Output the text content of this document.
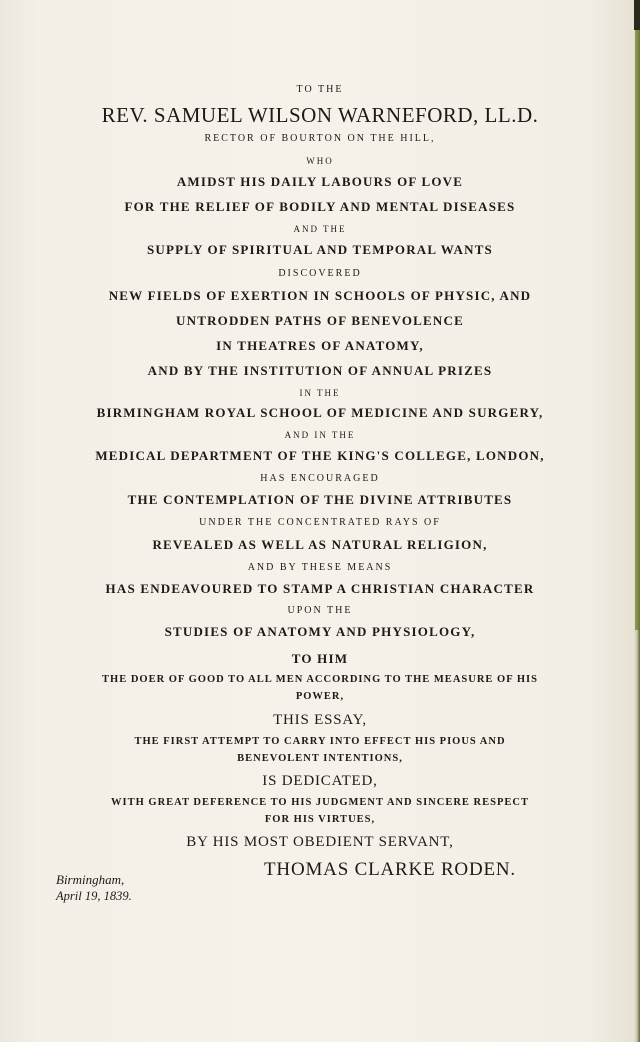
TO THE
REV. SAMUEL WILSON WARNEFORD, LL.D.
RECTOR OF BOURTON ON THE HILL,
WHO
AMIDST HIS DAILY LABOURS OF LOVE
FOR THE RELIEF OF BODILY AND MENTAL DISEASES
AND THE
SUPPLY OF SPIRITUAL AND TEMPORAL WANTS
DISCOVERED
NEW FIELDS OF EXERTION IN SCHOOLS OF PHYSIC, AND
UNTRODDEN PATHS OF BENEVOLENCE
IN THEATRES OF ANATOMY,
AND BY THE INSTITUTION OF ANNUAL PRIZES
IN THE
BIRMINGHAM ROYAL SCHOOL OF MEDICINE AND SURGERY,
AND IN THE
MEDICAL DEPARTMENT OF THE KING'S COLLEGE, LONDON,
HAS ENCOURAGED
THE CONTEMPLATION OF THE DIVINE ATTRIBUTES
UNDER THE CONCENTRATED RAYS OF
REVEALED AS WELL AS NATURAL RELIGION,
AND BY THESE MEANS
HAS ENDEAVOURED TO STAMP A CHRISTIAN CHARACTER
UPON THE
STUDIES OF ANATOMY AND PHYSIOLOGY,
TO HIM
THE DOER OF GOOD TO ALL MEN ACCORDING TO THE MEASURE OF HIS
POWER,
THIS ESSAY,
THE FIRST ATTEMPT TO CARRY INTO EFFECT HIS PIOUS AND
BENEVOLENT INTENTIONS,
IS DEDICATED,
WITH GREAT DEFERENCE TO HIS JUDGMENT AND SINCERE RESPECT
FOR HIS VIRTUES,
BY HIS MOST OBEDIENT SERVANT,
THOMAS CLARKE RODEN.
Birmingham,
April 19, 1839.
